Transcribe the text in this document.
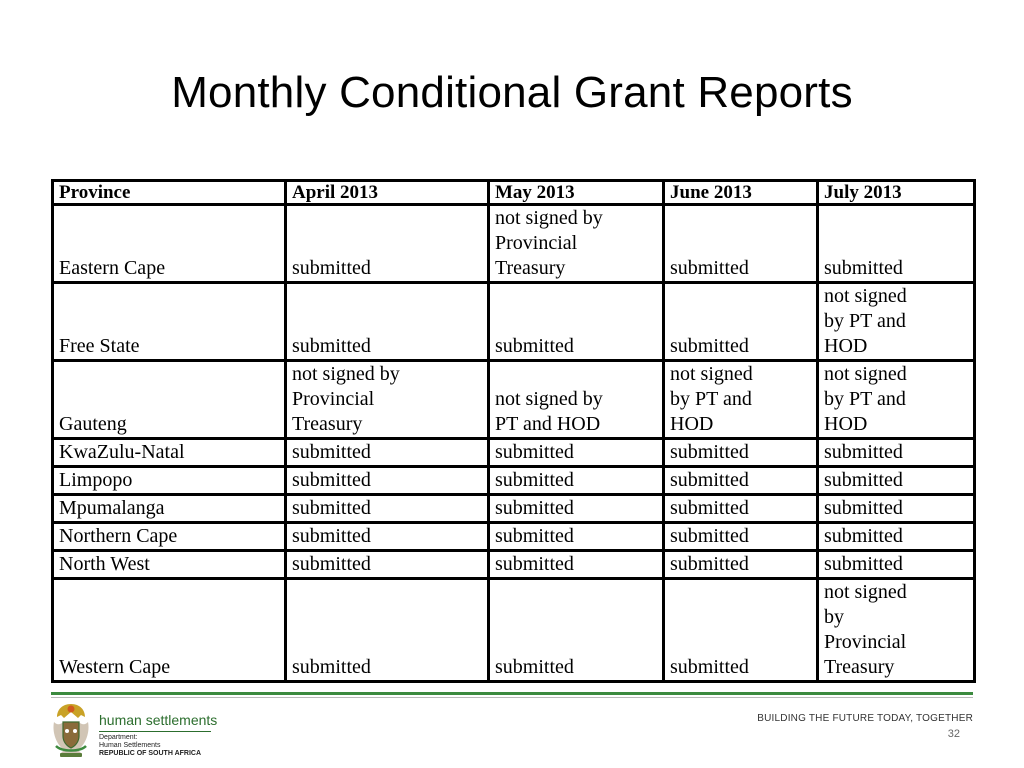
Monthly Conditional Grant Reports
Province	April 2013	May 2013	June 2013	July 2013

Eastern Cape	submitted	not signed by
Provincial
Treasury	submitted	submitted

Free State	submitted	submitted	submitted	not signed
by PT and
HOD

Gauteng	not signed by
Provincial
Treasury	not signed by
PT and HOD	not signed
by PT and
HOD	not signed
by PT and
HOD

KwaZulu-Natal	submitted	submitted	submitted	submitted

Limpopo	submitted	submitted	submitted	submitted

Mpumalanga	submitted	submitted	submitted	submitted

Northern Cape	submitted	submitted	submitted	submitted

North West	submitted	submitted	submitted	submitted

Western Cape	submitted	submitted	submitted	not signed
by
Provincial
Treasury
human settlements
Department:
Human Settlements
REPUBLIC OF SOUTH AFRICA
BUILDING THE FUTURE TODAY, TOGETHER
32
